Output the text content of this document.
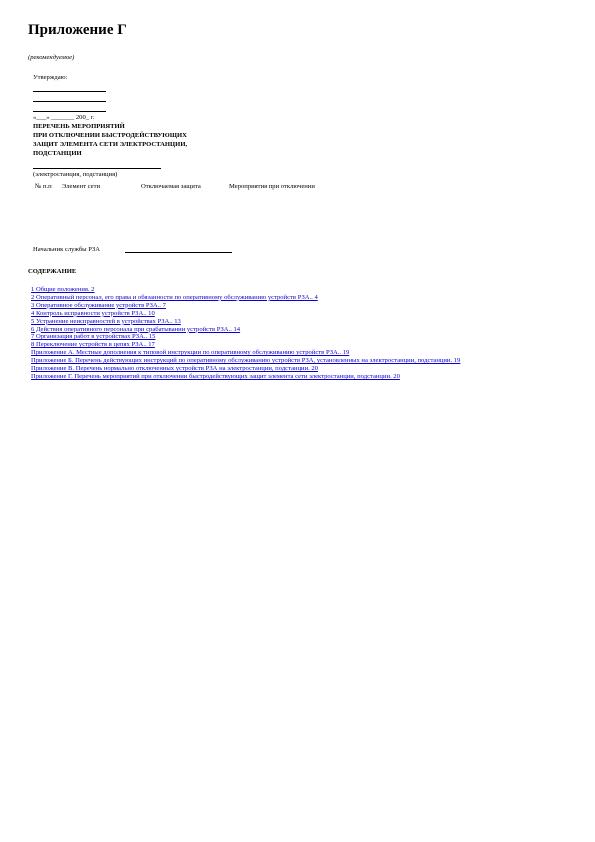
Приложение Г
(рекомендуемое)
Утверждаю:
«___» _______ 200_ г.
ПЕРЕЧЕНЬ МЕРОПРИЯТИЙ
ПРИ ОТКЛЮЧЕНИИ БЫСТРОДЕЙСТВУЮЩИХ
ЗАЩИТ ЭЛЕМЕНТА СЕТИ ЭЛЕКТРОСТАНЦИИ,
ПОДСТАНЦИИ
(электростанция, подстанция)
№ п.п Элемент сети	Отключаемая защита	Мероприятия при отключении
Начальник службы РЗА
СОДЕРЖАНИЕ
1 Общие положения. 2
2 Оперативный персонал, его права и обязанности по оперативному обслуживанию устройств РЗА.. 4
3 Оперативное обслуживание устройств РЗА.. 7
4 Контроль исправности устройств РЗА.. 10
5 Устранение неисправностей в устройствах РЗА.. 13
6 Действия оперативного персонала при срабатывании устройств РЗА.. 14
7 Организация работ в устройствах РЗА.. 15
8 Переключение устройств в цепях РЗА.. 17
Приложение А. Местные дополнения к типовой инструкции по оперативному обслуживанию устройств РЗА.. 19
Приложение Б. Перечень действующих инструкций по оперативному обслуживанию устройств РЗА, установленных на электростанции, подстанции. 19
Приложение В. Перечень нормально отключенных устройств РЗА на электростанции, подстанции. 20
Приложение Г. Перечень мероприятий при отключении быстродействующих защит элемента сети электростанции, подстанции. 20
